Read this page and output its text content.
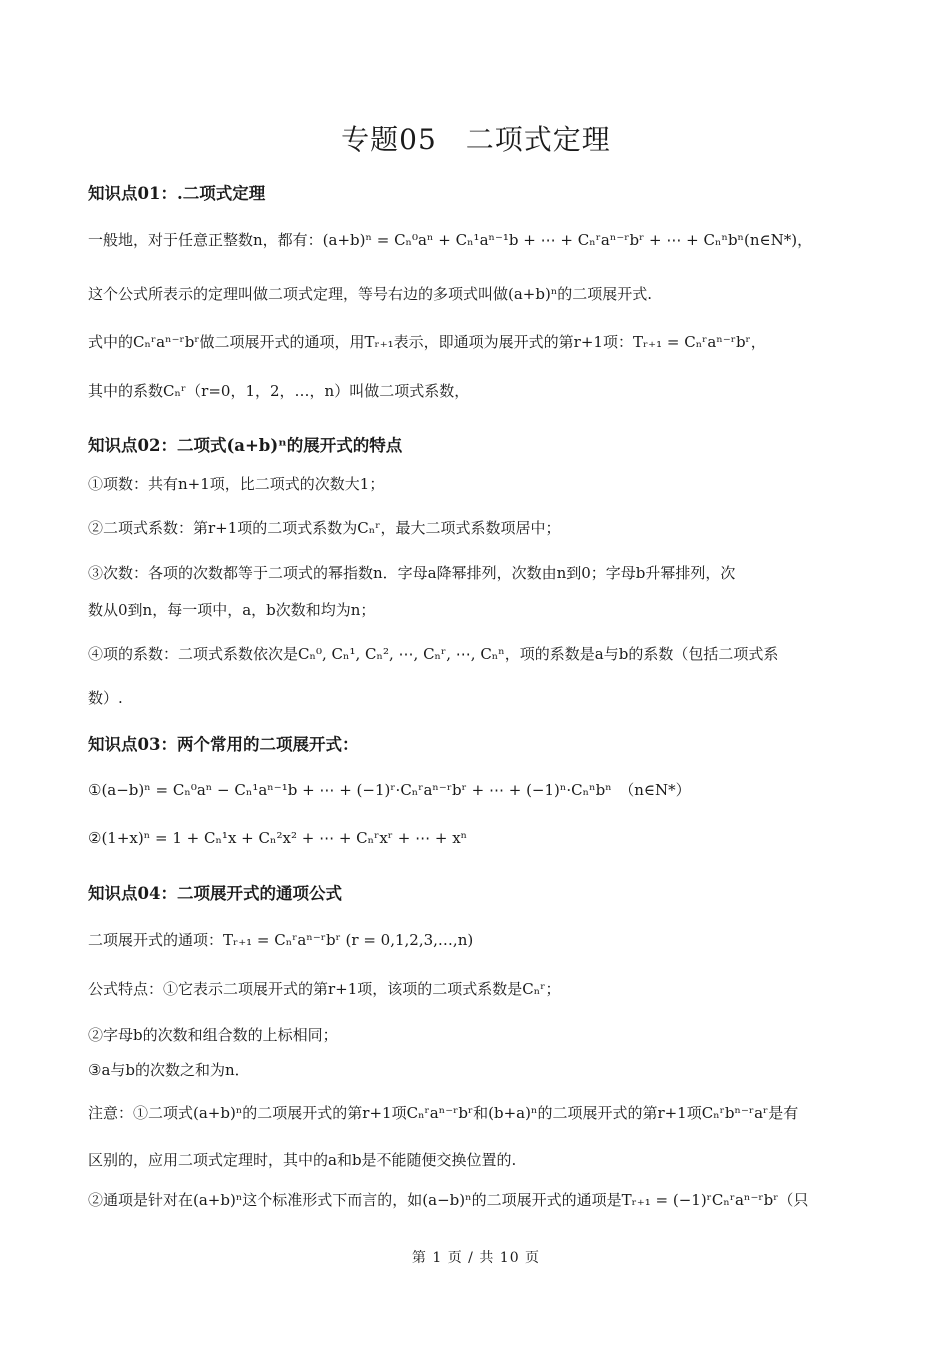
专题05　二项式定理
知识点01：.二项式定理
一般地，对于任意正整数n，都有：(a+b)ⁿ = Cₙ⁰aⁿ + Cₙ¹aⁿ⁻¹b + ⋯ + Cₙʳaⁿ⁻ʳbʳ + ⋯ + Cₙⁿbⁿ(n∈N*)，
这个公式所表示的定理叫做二项式定理，等号右边的多项式叫做(a+b)ⁿ的二项展开式.
式中的Cₙʳaⁿ⁻ʳbʳ做二项展开式的通项，用Tᵣ₊₁表示，即通项为展开式的第r+1项：Tᵣ₊₁ = Cₙʳaⁿ⁻ʳbʳ，
其中的系数Cₙʳ（r=0，1，2，…，n）叫做二项式系数，
知识点02：二项式(a+b)ⁿ的展开式的特点
①项数：共有n+1项，比二项式的次数大1；
②二项式系数：第r+1项的二项式系数为Cₙʳ，最大二项式系数项居中；
③次数：各项的次数都等于二项式的幂指数n．字母a降幂排列，次数由n到0；字母b升幂排列，次
数从0到n，每一项中，a，b次数和均为n；
④项的系数：二项式系数依次是Cₙ⁰, Cₙ¹, Cₙ², ⋯, Cₙʳ, ⋯, Cₙⁿ，项的系数是a与b的系数（包括二项式系
数）.
知识点03：两个常用的二项展开式：
①(a−b)ⁿ = Cₙ⁰aⁿ − Cₙ¹aⁿ⁻¹b + ⋯ + (−1)ʳ·Cₙʳaⁿ⁻ʳbʳ + ⋯ + (−1)ⁿ·Cₙⁿbⁿ　（n∈N*）
②(1+x)ⁿ = 1 + Cₙ¹x + Cₙ²x² + ⋯ + Cₙʳxʳ + ⋯ + xⁿ
知识点04：二项展开式的通项公式
二项展开式的通项：Tᵣ₊₁ = Cₙʳaⁿ⁻ʳbʳ (r = 0,1,2,3,…,n)
公式特点：①它表示二项展开式的第r+1项，该项的二项式系数是Cₙʳ；
②字母b的次数和组合数的上标相同；
③a与b的次数之和为n．
注意：①二项式(a+b)ⁿ的二项展开式的第r+1项Cₙʳaⁿ⁻ʳbʳ和(b+a)ⁿ的二项展开式的第r+1项Cₙʳbⁿ⁻ʳaʳ是有
区别的，应用二项式定理时，其中的a和b是不能随便交换位置的.
②通项是针对在(a+b)ⁿ这个标准形式下而言的，如(a−b)ⁿ的二项展开式的通项是Tᵣ₊₁ = (−1)ʳCₙʳaⁿ⁻ʳbʳ（只
第 1 页 / 共 10 页
